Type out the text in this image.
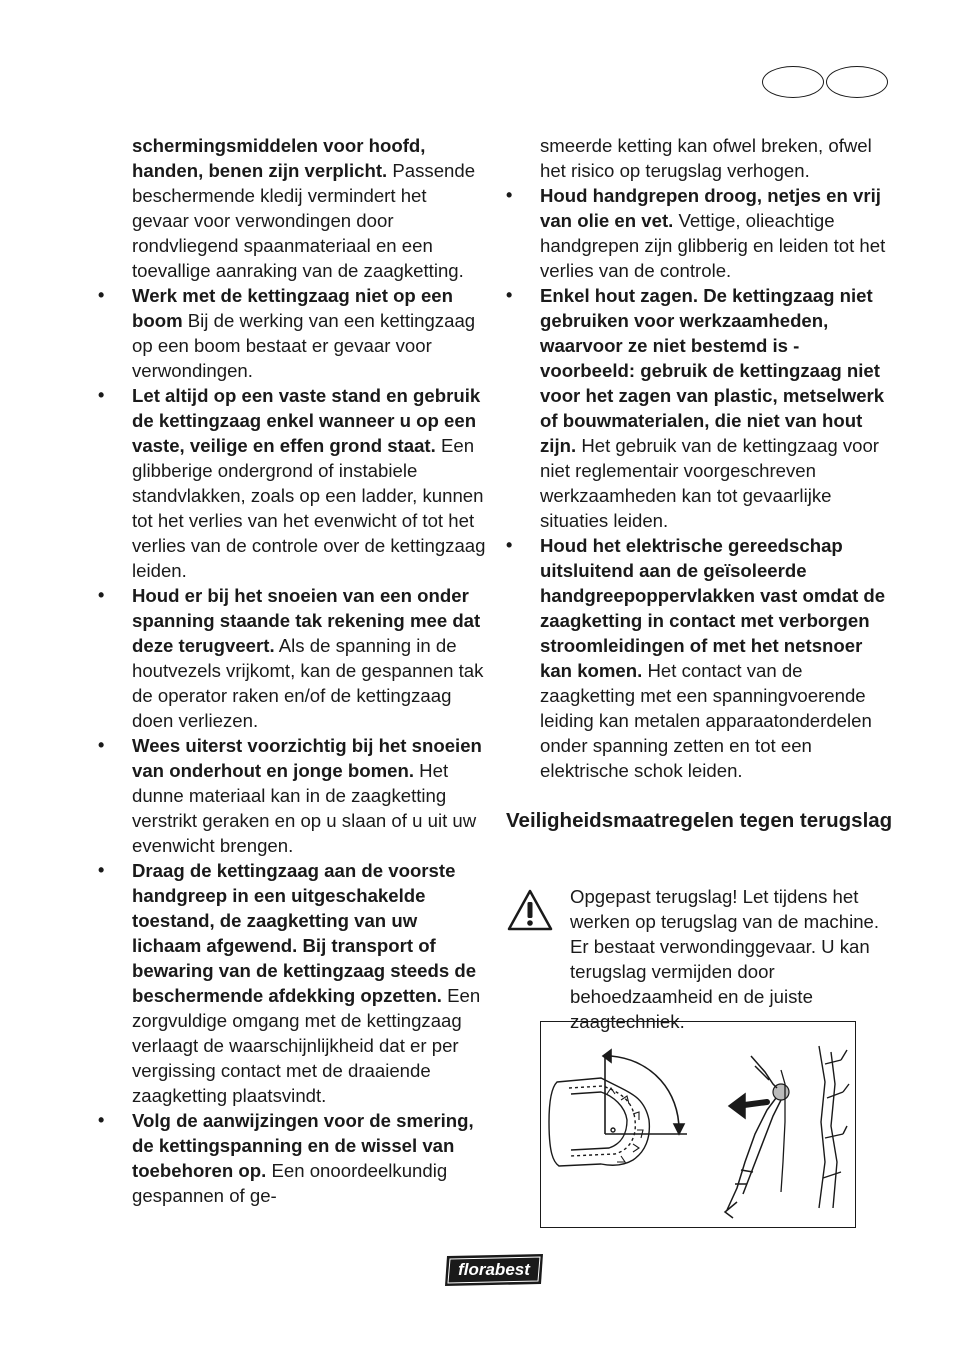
schermingsmiddelen voor hoofd, handen, benen zijn verplicht. Passende beschermende kledij vermindert het gevaar voor verwondingen door rondvliegend spaanmateriaal en een toevallige aanraking van de zaagketting.

• Werk met de kettingzaag niet op een boom Bij de werking van een kettingzaag op een boom bestaat er gevaar voor verwondingen.

• Let altijd op een vaste stand en gebruik de kettingzaag enkel wanneer u op een vaste, veilige en effen grond staat. Een glibberige ondergrond of instabiele standvlakken, zoals op een ladder, kunnen tot het verlies van het evenwicht of tot het verlies van de controle over de kettingzaag leiden.

• Houd er bij het snoeien van een onder spanning staande tak rekening mee dat deze terugveert. Als de spanning in de houtvezels vrijkomt, kan de gespannen tak de operator raken en/of de kettingzaag doen verliezen.

• Wees uiterst voorzichtig bij het snoeien van onderhout en jonge bomen. Het dunne materiaal kan in de zaagketting verstrikt geraken en op u slaan of u uit uw evenwicht brengen.

• Draag de kettingzaag aan de voorste handgreep in een uitgeschakelde toestand, de zaagketting van uw lichaam afgewend. Bij transport of bewaring van de kettingzaag steeds de beschermende afdekking opzetten. Een zorgvuldige omgang met de kettingzaag verlaagt de waarschijnlijkheid dat er per vergissing contact met de draaiende zaagketting plaatsvindt.

• Volg de aanwijzingen voor de smering, de kettingspanning en de wissel van toebehoren op. Een onoordeelkundig gespannen of ge-

smeerde ketting kan ofwel breken, ofwel het risico op terugslag verhogen.

• Houd handgrepen droog, netjes en vrij van olie en vet. Vettige, olieachtige handgrepen zijn glibberig en leiden tot het verlies van de controle.

• Enkel hout zagen. De kettingzaag niet gebruiken voor werkzaamheden, waarvoor ze niet bestemd is - voorbeeld: gebruik de kettingzaag niet voor het zagen van plastic, metselwerk of bouwmaterialen, die niet van hout zijn. Het gebruik van de kettingzaag voor niet reglementair voorgeschreven werkzaamheden kan tot gevaarlijke situaties leiden.

• Houd het elektrische gereedschap uitsluitend aan de geïsoleerde handgreepoppervlakken vast omdat de zaagketting in contact met verborgen stroomleidingen of met het netsnoer kan komen. Het contact van de zaagketting met een spanningvoerende leiding kan metalen apparaatonderdelen onder spanning zetten en tot een elektrische schok leiden.

Veiligheidsmaatregelen tegen terugslag

Opgepast terugslag! Let tijdens het werken op terugslag van de machine. Er bestaat verwondinggevaar. U kan terugslag vermijden door behoedzaamheid en de juiste zaagtechniek.

florabest
